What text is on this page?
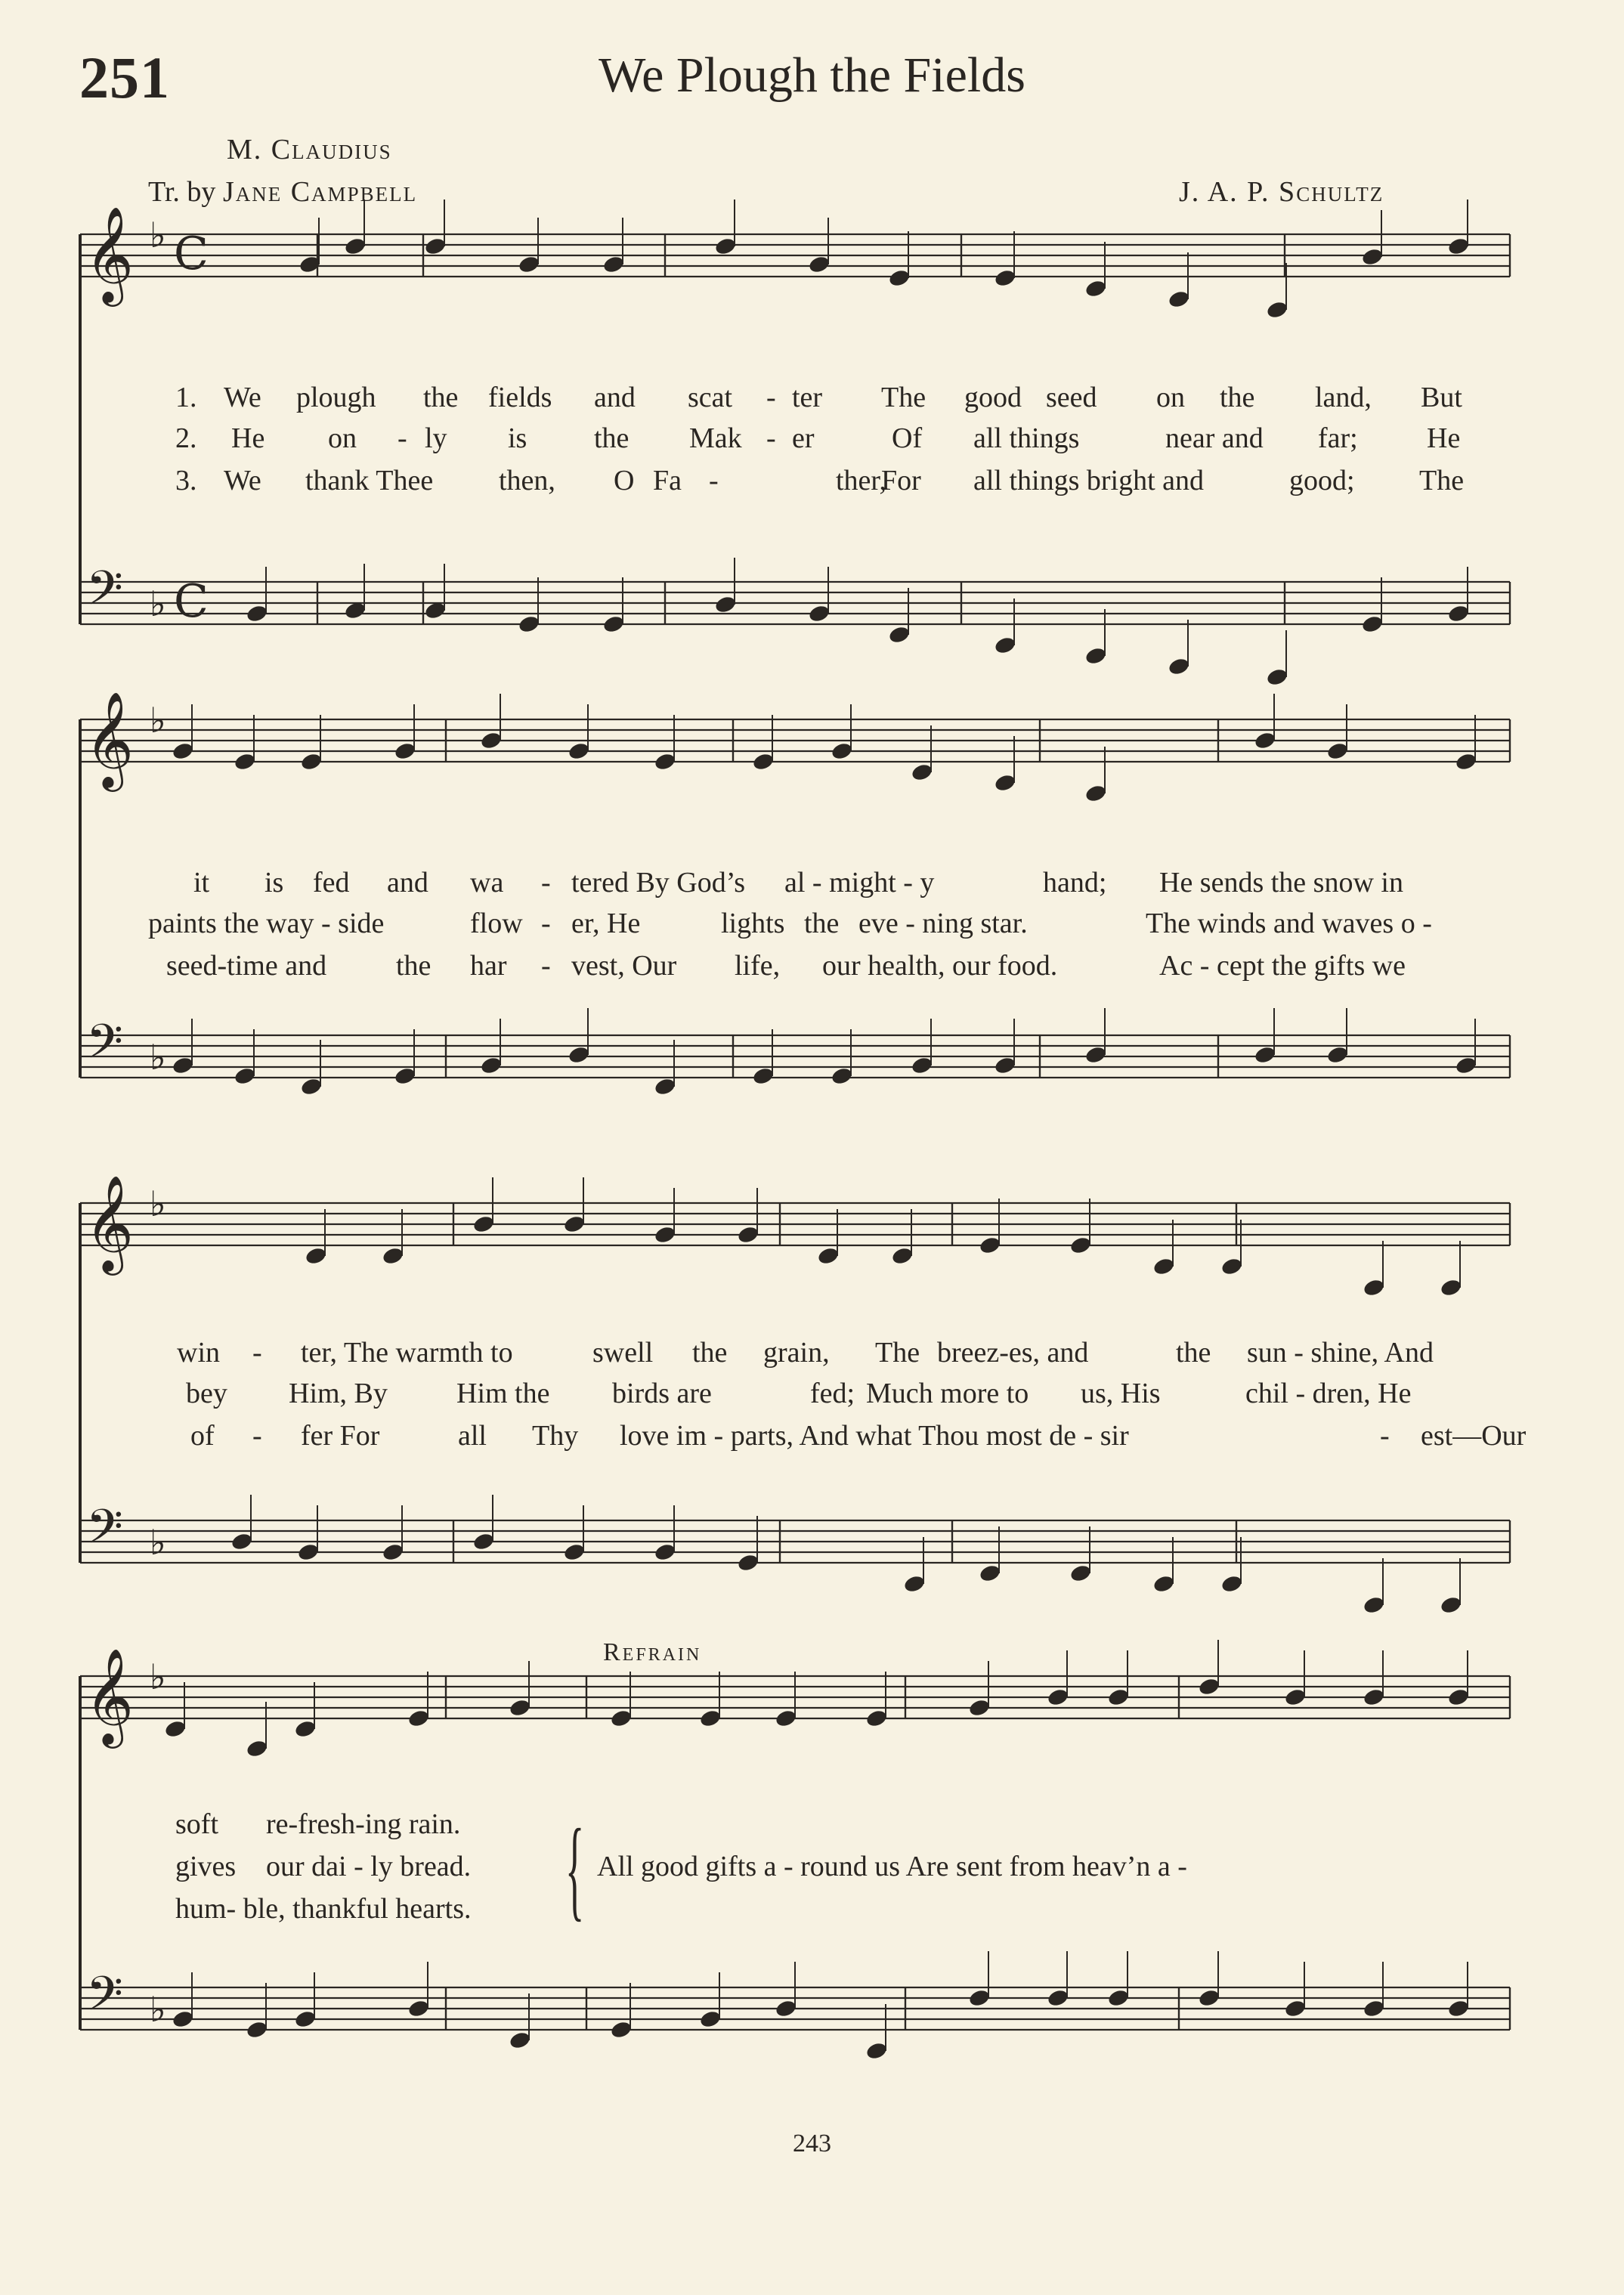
𝄞
𝄢
♭
♭
C
C
𝄞
𝄢
♭
♭
𝄞
𝄢
♭
♭
𝄞
𝄢
♭
♭
251	We Plough the Fields
M. Claudius
Tr. by Jane Campbell	J. A. P. Schultz
1. We plough the fields and scat - ter The good seed on the land, But
2. He on - ly is the Mak - er	Of all things	near and far; He
3. We thank Thee then, O Fa -	ther,
For all things bright and	good; The
it is fed and wa - tered By God’s al - might - y	hand; He sends the snow in
paints the way - side	flow - er, He	lights the eve - ning star.	The winds and waves o -
seed-time and the har - vest, Our life, our health, our food.	Ac - cept the gifts we
win - ter, The warmth to	swell the grain, The breez-es, and	the sun - shine, And
bey Him, By Him the birds are	fed; Much more to us, His	chil - dren, He
of - fer For	all Thy love im - parts, And what Thou most de - sir	- est—Our
soft re-fresh-ing rain.
gives our dai - ly bread.
hum- ble, thankful hearts.
Refrain
{ All good gifts a - round us Are sent from heav’n a -
243
